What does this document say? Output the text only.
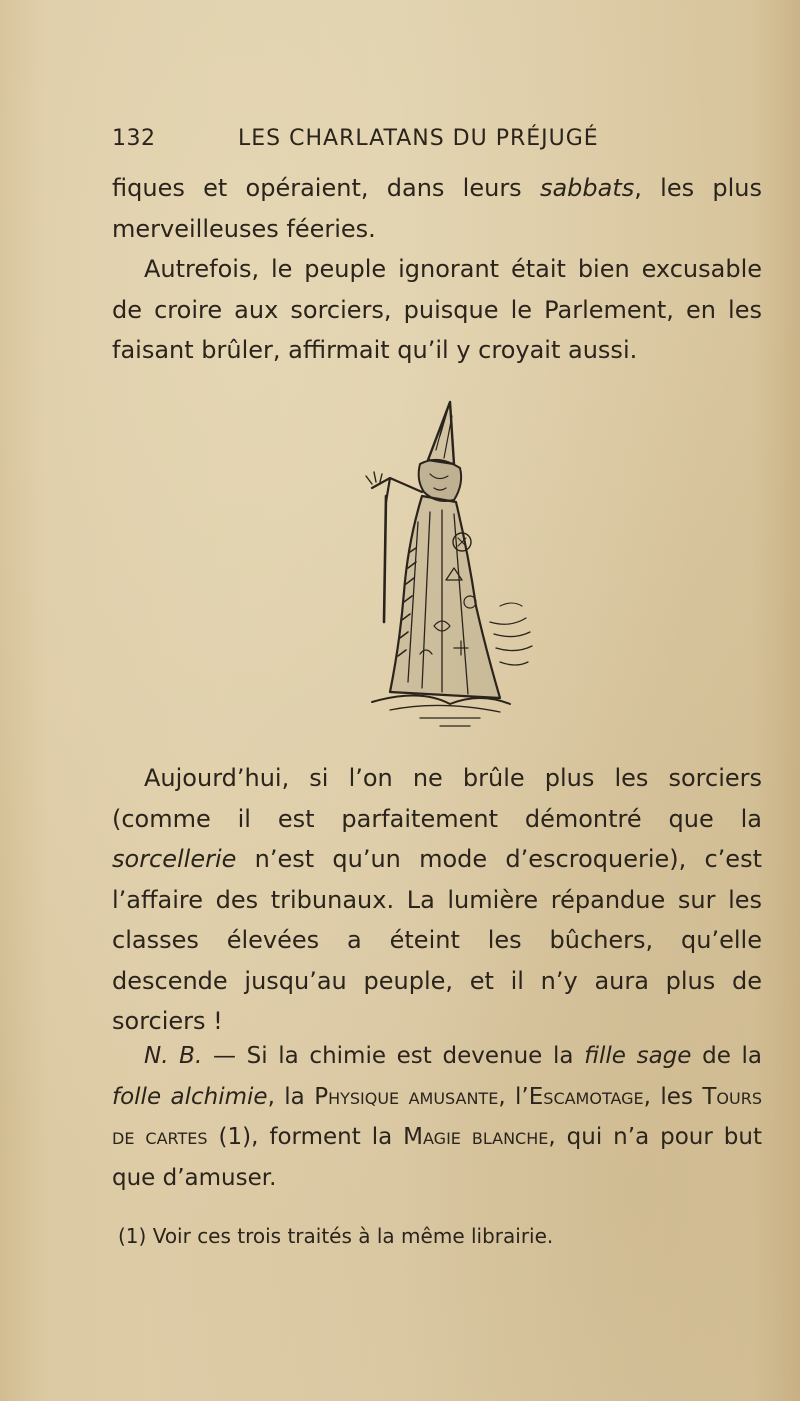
132	LES CHARLATANS DU PRÉJUGÉ

fiques et opéraient, dans leurs sabbats, les plus merveilleuses féeries.

Autrefois, le peuple ignorant était bien excusable de croire aux sorciers, puisque le Parlement, en les faisant brûler, affirmait qu’il y croyait aussi.

Aujourd’hui, si l’on ne brûle plus les sorciers (comme il est parfaitement démontré que la sorcellerie n’est qu’un mode d’escroquerie), c’est l’affaire des tribunaux. La lumière répandue sur les classes élevées a éteint les bûchers, qu’elle descende jusqu’au peuple, et il n’y aura plus de sorciers !

N. B. — Si la chimie est devenue la fille sage de la folle alchimie, la Physique amusante, l’Escamotage, les Tours de cartes (1), forment la Magie blanche, qui n’a pour but que d’amuser.

(1) Voir ces trois traités à la même librairie.
